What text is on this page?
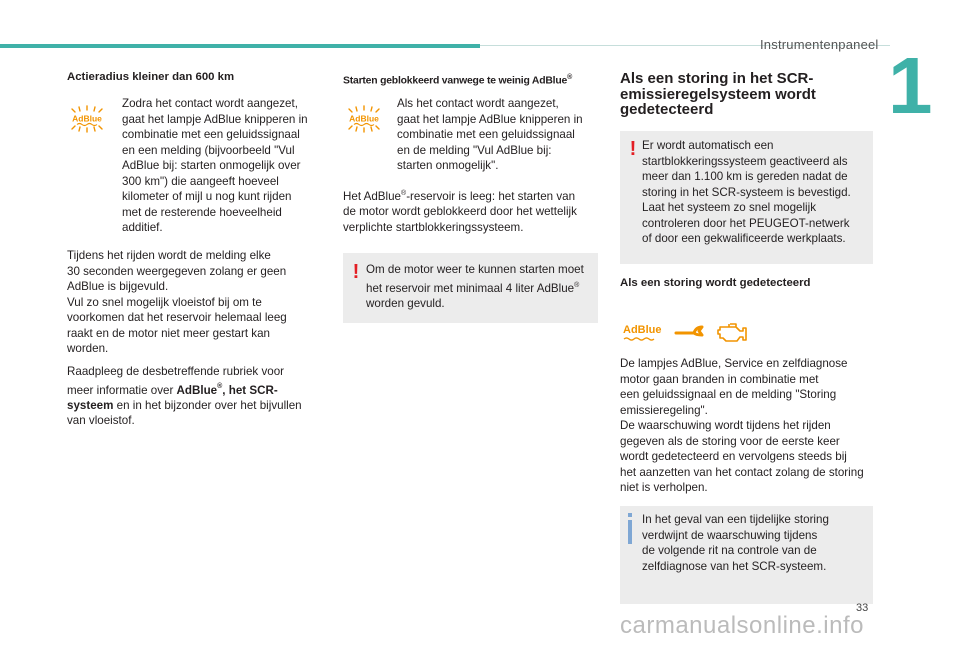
Instrumentenpaneel 1

Actieradius kleiner dan 600 km

AdBlue

Zodra het contact wordt aangezet,

gaat het lampje AdBlue knipperen in

combinatie met een geluidssignaal

en een melding (bijvoorbeeld "Vul

AdBlue bij: starten onmogelijk over

300 km") die aangeeft hoeveel

kilometer of mijl u nog kunt rijden

met de resterende hoeveelheid

additief.

Tijdens het rijden wordt de melding elke

30 seconden weergegeven zolang er geen

AdBlue is bijgevuld.

Vul zo snel mogelijk vloeistof bij om te

voorkomen dat het reservoir helemaal leeg

raakt en de motor niet meer gestart kan

worden.

Raadpleeg de desbetreffende rubriek voor

meer informatie over AdBlue®, het SCR-

systeem en in het bijzonder over het bijvullen

van vloeistof.

Starten geblokkeerd vanwege te weinig AdBlue®

AdBlue

Als het contact wordt aangezet,

gaat het lampje AdBlue knipperen in

combinatie met een geluidssignaal

en de melding "Vul AdBlue bij:

starten onmogelijk".

Het AdBlue®-reservoir is leeg: het starten van

de motor wordt geblokkeerd door het wettelijk

verplichte startblokkeringssysteem.

! Om de motor weer te kunnen starten moet

het reservoir met minimaal 4 liter AdBlue®

worden gevuld.

Als een storing in het SCR-

emissieregelsysteem wordt

gedetecteerd

! Er wordt automatisch een

startblokkeringssysteem geactiveerd als

meer dan 1.100 km is gereden nadat de

storing in het SCR-systeem is bevestigd.

Laat het systeem zo snel mogelijk

controleren door het PEUGEOT-netwerk

of door een gekwalificeerde werkplaats.

Als een storing wordt gedetecteerd

AdBlue

De lampjes AdBlue, Service en zelfdiagnose

motor gaan branden in combinatie met

een geluidssignaal en de melding "Storing

emissieregeling".

De waarschuwing wordt tijdens het rijden

gegeven als de storing voor de eerste keer

wordt gedetecteerd en vervolgens steeds bij

het aanzetten van het contact zolang de storing

niet is verholpen.

In het geval van een tijdelijke storing

verdwijnt de waarschuwing tijdens

de volgende rit na controle van de

zelfdiagnose van het SCR-systeem.

33
carmanualsonline.info
